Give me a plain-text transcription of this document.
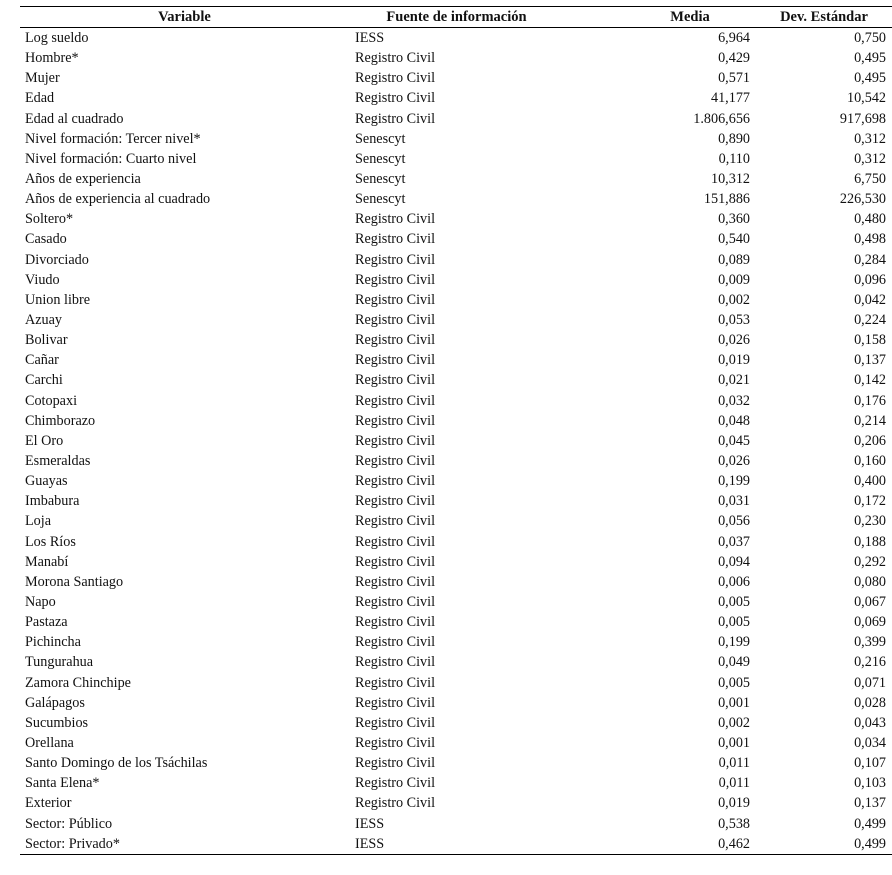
Variable	Fuente de información	Media	Dev. Estándar
Log sueldo	IESS	6,964	0,750
Hombre*	Registro Civil	0,429	0,495
Mujer	Registro Civil	0,571	0,495
Edad	Registro Civil	41,177	10,542
Edad al cuadrado	Registro Civil	1.806,656	917,698
Nivel formación: Tercer nivel*	Senescyt	0,890	0,312
Nivel formación: Cuarto nivel	Senescyt	0,110	0,312
Años de experiencia	Senescyt	10,312	6,750
Años de experiencia al cuadrado	Senescyt	151,886	226,530
Soltero*	Registro Civil	0,360	0,480
Casado	Registro Civil	0,540	0,498
Divorciado	Registro Civil	0,089	0,284
Viudo	Registro Civil	0,009	0,096
Union libre	Registro Civil	0,002	0,042
Azuay	Registro Civil	0,053	0,224
Bolivar	Registro Civil	0,026	0,158
Cañar	Registro Civil	0,019	0,137
Carchi	Registro Civil	0,021	0,142
Cotopaxi	Registro Civil	0,032	0,176
Chimborazo	Registro Civil	0,048	0,214
El Oro	Registro Civil	0,045	0,206
Esmeraldas	Registro Civil	0,026	0,160
Guayas	Registro Civil	0,199	0,400
Imbabura	Registro Civil	0,031	0,172
Loja	Registro Civil	0,056	0,230
Los Ríos	Registro Civil	0,037	0,188
Manabí	Registro Civil	0,094	0,292
Morona Santiago	Registro Civil	0,006	0,080
Napo	Registro Civil	0,005	0,067
Pastaza	Registro Civil	0,005	0,069
Pichincha	Registro Civil	0,199	0,399
Tungurahua	Registro Civil	0,049	0,216
Zamora Chinchipe	Registro Civil	0,005	0,071
Galápagos	Registro Civil	0,001	0,028
Sucumbios	Registro Civil	0,002	0,043
Orellana	Registro Civil	0,001	0,034
Santo Domingo de los Tsáchilas	Registro Civil	0,011	0,107
Santa Elena*	Registro Civil	0,011	0,103
Exterior	Registro Civil	0,019	0,137
Sector: Público	IESS	0,538	0,499
Sector: Privado*	IESS	0,462	0,499
